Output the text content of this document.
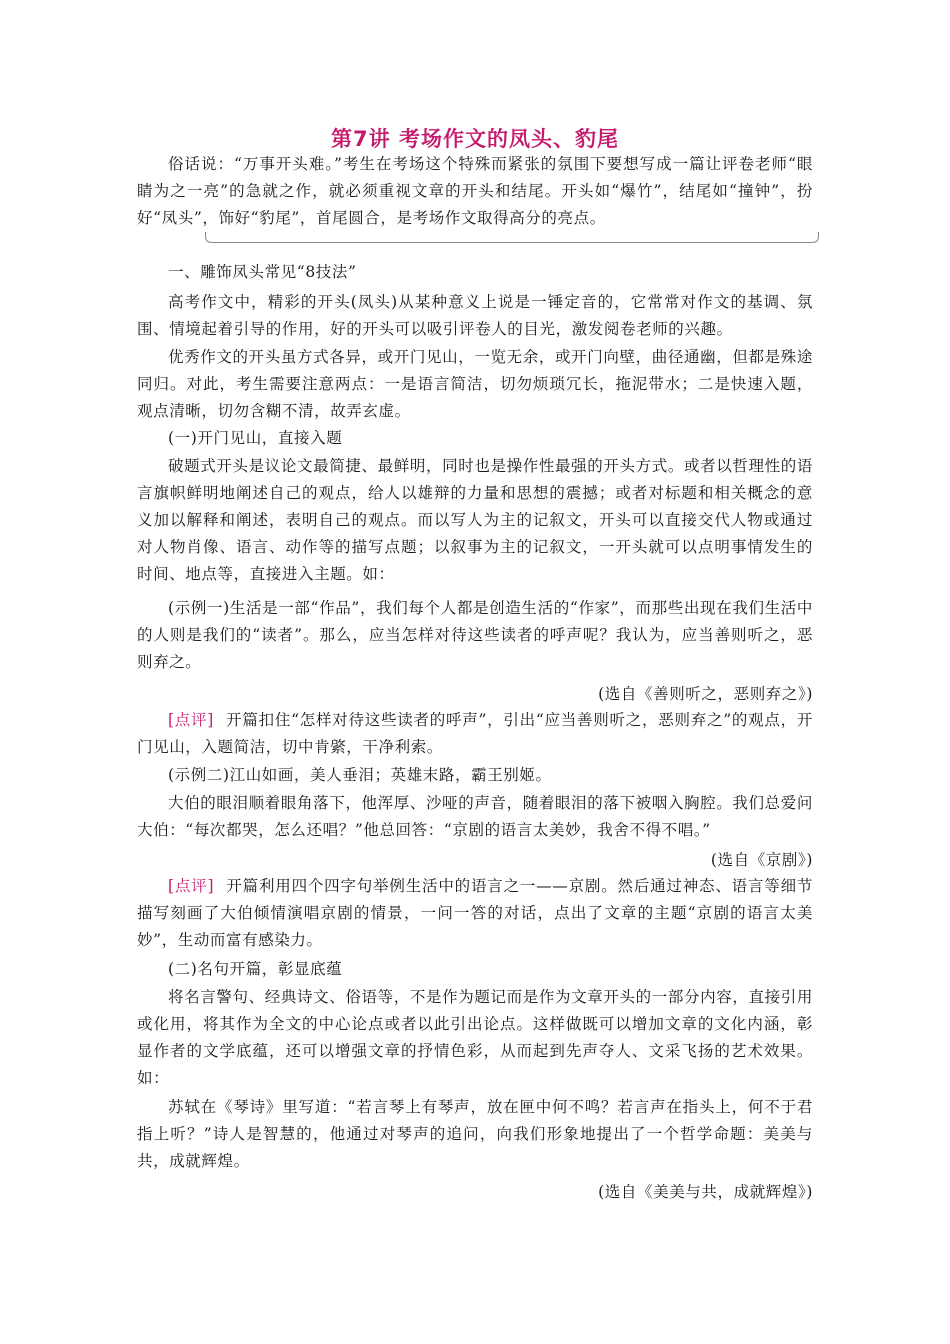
第7讲 考场作文的凤头、豹尾

俗话说：“万事开头难。”考生在考场这个特殊而紧张的氛围下要想写成一篇让评卷老师“眼睛为之一亮”的急就之作，就必须重视文章的开头和结尾。开头如“爆竹”，结尾如“撞钟”，扮好“凤头”，饰好“豹尾”，首尾圆合，是考场作文取得高分的亮点。

一、雕饰凤头常见“8技法”

高考作文中，精彩的开头(凤头)从某种意义上说是一锤定音的，它常常对作文的基调、氛围、情境起着引导的作用，好的开头可以吸引评卷人的目光，激发阅卷老师的兴趣。

优秀作文的开头虽方式各异，或开门见山，一览无余，或开门向壁，曲径通幽，但都是殊途同归。对此，考生需要注意两点：一是语言简洁，切勿烦琐冗长，拖泥带水；二是快速入题，观点清晰，切勿含糊不清，故弄玄虚。

(一)开门见山，直接入题

破题式开头是议论文最简捷、最鲜明，同时也是操作性最强的开头方式。或者以哲理性的语言旗帜鲜明地阐述自己的观点，给人以雄辩的力量和思想的震撼；或者对标题和相关概念的意义加以解释和阐述，表明自己的观点。而以写人为主的记叙文，开头可以直接交代人物或通过对人物肖像、语言、动作等的描写点题；以叙事为主的记叙文，一开头就可以点明事情发生的时间、地点等，直接进入主题。如：

(示例一)生活是一部“作品”，我们每个人都是创造生活的“作家”，而那些出现在我们生活中的人则是我们的“读者”。那么，应当怎样对待这些读者的呼声呢？我认为，应当善则听之，恶则弃之。

(选自《善则听之，恶则弃之》)

[点评] 开篇扣住“怎样对待这些读者的呼声”，引出“应当善则听之，恶则弃之”的观点，开门见山，入题简洁，切中肯綮，干净利索。

(示例二)江山如画，美人垂泪；英雄末路，霸王别姬。

大伯的眼泪顺着眼角落下，他浑厚、沙哑的声音，随着眼泪的落下被咽入胸腔。我们总爱问大伯：“每次都哭，怎么还唱？”他总回答：“京剧的语言太美妙，我舍不得不唱。”

(选自《京剧》)

[点评] 开篇利用四个四字句举例生活中的语言之一——京剧。然后通过神态、语言等细节描写刻画了大伯倾情演唱京剧的情景，一问一答的对话，点出了文章的主题“京剧的语言太美妙”，生动而富有感染力。

(二)名句开篇，彰显底蕴

将名言警句、经典诗文、俗语等，不是作为题记而是作为文章开头的一部分内容，直接引用或化用，将其作为全文的中心论点或者以此引出论点。这样做既可以增加文章的文化内涵，彰显作者的文学底蕴，还可以增强文章的抒情色彩，从而起到先声夺人、文采飞扬的艺术效果。如：

苏轼在《琴诗》里写道：“若言琴上有琴声，放在匣中何不鸣？若言声在指头上，何不于君指上听？”诗人是智慧的，他通过对琴声的追问，向我们形象地提出了一个哲学命题：美美与共，成就辉煌。

(选自《美美与共，成就辉煌》)
